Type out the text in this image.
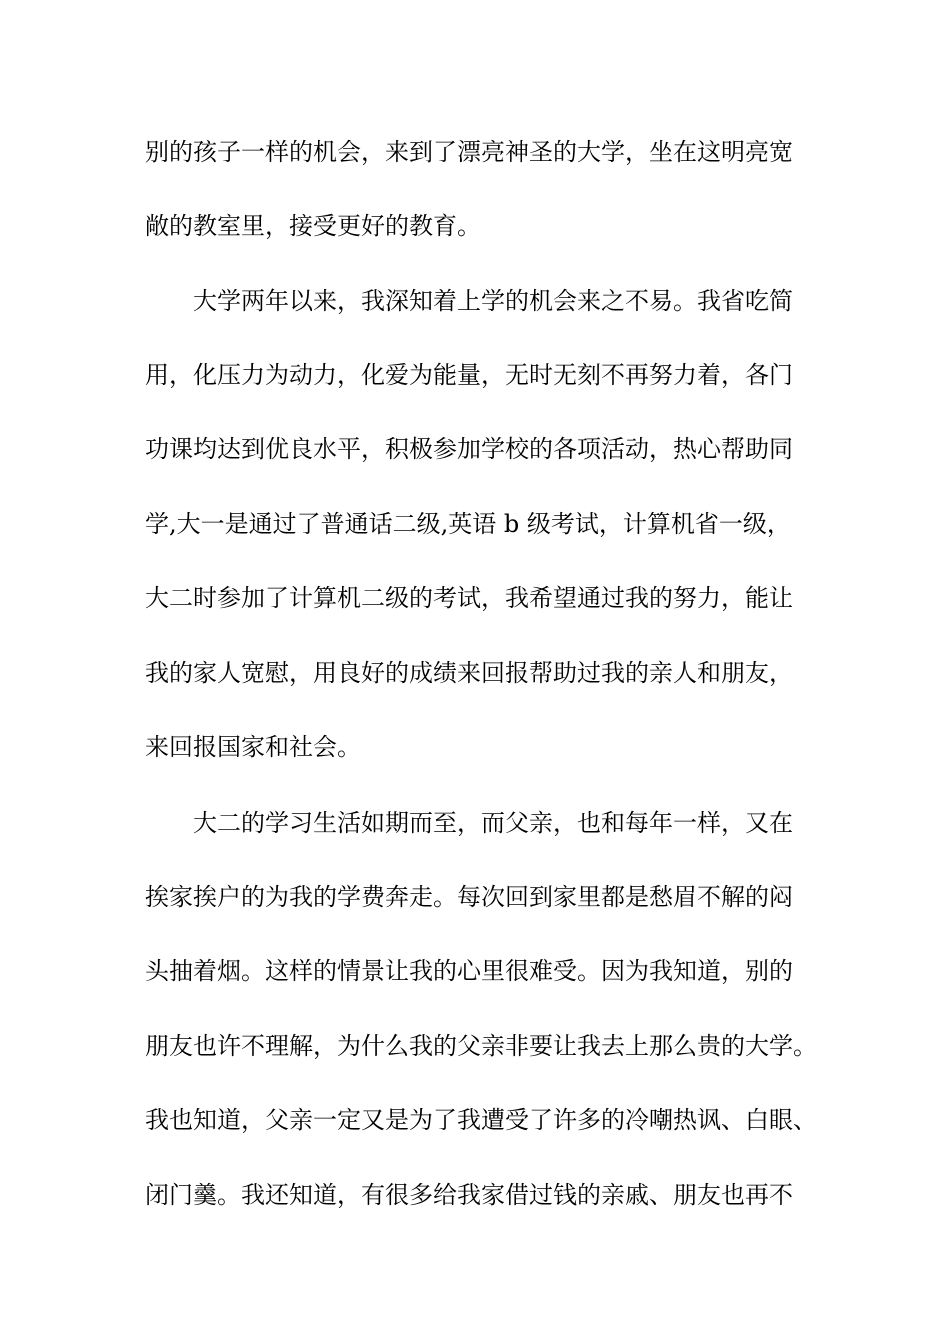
别的孩子一样的机会，来到了漂亮神圣的大学，坐在这明亮宽
敞的教室里，接受更好的教育。
大学两年以来，我深知着上学的机会来之不易。我省吃简
用，化压力为动力，化爱为能量，无时无刻不再努力着，各门
功课均达到优良水平，积极参加学校的各项活动，热心帮助同
学,大一是通过了普通话二级,英语 b 级考试，计算机省一级，
大二时参加了计算机二级的考试，我希望通过我的努力，能让
我的家人宽慰，用良好的成绩来回报帮助过我的亲人和朋友，
来回报国家和社会。
大二的学习生活如期而至，而父亲，也和每年一样，又在
挨家挨户的为我的学费奔走。每次回到家里都是愁眉不解的闷
头抽着烟。这样的情景让我的心里很难受。因为我知道，别的
朋友也许不理解，为什么我的父亲非要让我去上那么贵的大学。
我也知道，父亲一定又是为了我遭受了许多的冷嘲热讽、白眼、
闭门羹。我还知道，有很多给我家借过钱的亲戚、朋友也再不
